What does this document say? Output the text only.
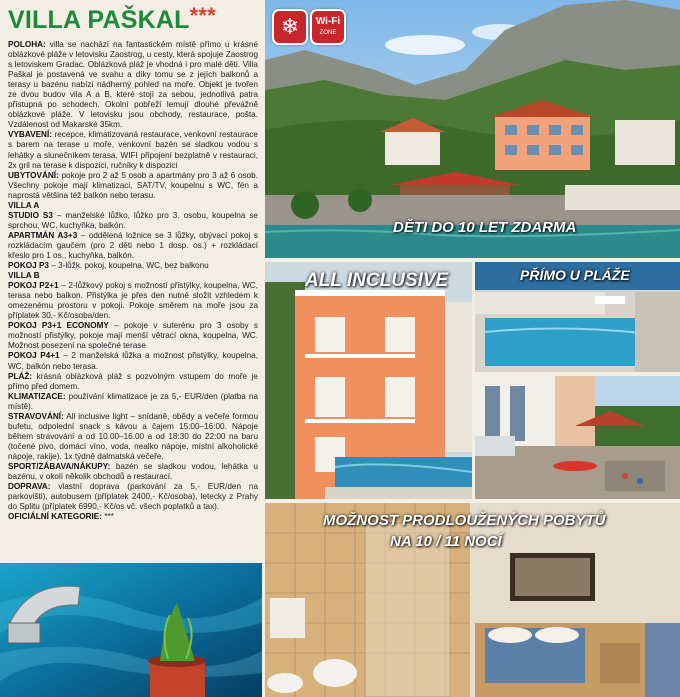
VILLA PAŠKAL***

POLOHA: villa se nachází na fantastickém místě přímo u krásné oblázkové pláže v letovisku Zaostrog, u cesty, která spojuje Zaostrog s letoviskem Gradac. Oblázková pláž je vhodná i pro malé děti. Villa Paškal je postavená ve svahu a díky tomu se z jejích balkonů a terasy u bazénu nabízí nádherný pohled na moře. Objekt je tvořen ze dvou budov vila A a B, které stojí za sebou, jednotlivá patra přístupná po schodech. Okolní pobřeží lemují dlouhé převážně oblázkové pláže. V letovisku jsou obchody, restaurace, pošta. Vzdálenost od Makarské 35km.

VYBAVENÍ: recepce, klimatizovaná restaurace, venkovní restaurace s barem na terase u moře, venkovní bazén se sladkou vodou s lehátky a slunečníkem terasa, WIFI připojení bezplatně v restauraci, 2x gril na terase k dispozici, ručníky k dispozici

UBYTOVÁNÍ: pokoje pro 2 až 5 osob a apartmány pro 3 až 6 osob. Všechny pokoje mají klimatizaci, SAT/TV, koupelnu s WC, fén a naprostá většina též balkón nebo terasu.

VILLA A

STUDIO S3 – manželské lůžko, lůžko pro 3. osobu, koupelna se sprchou, WC, kuchyňka, balkón.

APARTMÁN A3+3 – oddělená ložnice se 3 lůžky, obývací pokoj s rozkládacím gaučem (pro 2 děti nebo 1 dosp. os.) + rozkládací křeslo pro 1 os., kuchyňka, balkón.

POKOJ P3 – 3-lůžk. pokoj, koupelna, WC, bez balkonu

VILLA B

POKOJ P2+1 – 2-lůžkový pokoj s možností přistýlky, koupelna, WC, terasa nebo balkon. Přistýlka je přes den nutné složit vzhledem k omezenému prostoru v pokoji. Pokoje směrem na moře jsou za příplatek 30,- Kč/osoba/den.

POKOJ P3+1 ECONOMY – pokoje v suterénu pro 3 osoby s možností přistýlky, pokoje mají menší větrací okna, koupelna, WC. Možnost posezení na společné terase

POKOJ P4+1 – 2 manželská lůžka a možnost přistýlky, koupelna, WC, balkón nebo terasa.

PLÁŽ: krásná oblázková pláž s pozvolným vstupem do moře je přímo před domem.

KLIMATIZACE: používání klimatizace je za 5,- EUR/den (platba na místě).

STRAVOVÁNÍ: All inclusive light – snídaně, obědy a večeře formou bufetu, odpolední snack s kávou a čajem 15:00–16:00. Nápoje během stravování a od 10.00–16.00 a od 18:30 do 22:00 na baru (točené pivo, domácí víno, voda, nealko nápoje, místní alkoholické nápoje, rakije). 1x týdně dalmatská večeře.

SPORT/ZÁBAVA/NÁKUPY: bazén se sladkou vodou, lehátka u bazénu, v okolí několik obchodů a restaurací.

DOPRAVA: vlastní doprava (parkování za 5,- EUR/den na parkovišti), autobusem (příplatek 2400,- Kč/osoba), letecky z Prahy do Splitu (příplatek 6990,- Kč/os vč. všech poplatků a tax).

OFICIÁLNÍ KATEGORIE: ***

❄	Wi-Fi
ZONE
DĚTI DO 10 LET ZDARMA
ALL INCLUSIVE	PŘÍMO U PLÁŽE
MOŽNOST PRODLOUŽENÝCH POBYTŮ
NA 10 / 11 NOCÍ
